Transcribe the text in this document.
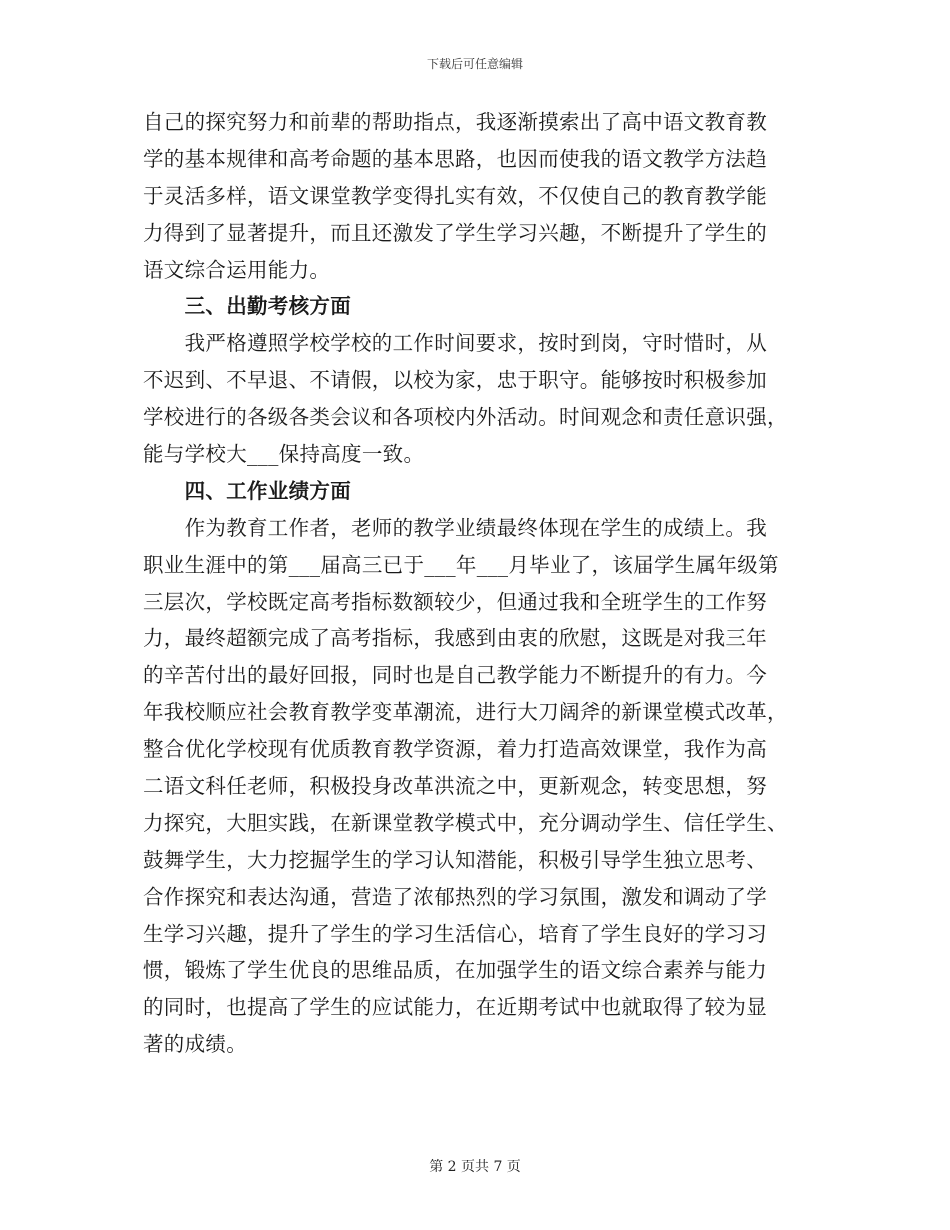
下载后可任意编辑
自己的探究努力和前辈的帮助指点，我逐渐摸索出了高中语文教育教
学的基本规律和高考命题的基本思路，也因而使我的语文教学方法趋
于灵活多样，语文课堂教学变得扎实有效，不仅使自己的教育教学能
力得到了显著提升，而且还激发了学生学习兴趣，不断提升了学生的
语文综合运用能力。
　　三、出勤考核方面
　　我严格遵照学校学校的工作时间要求，按时到岗，守时惜时，从
不迟到、不早退、不请假，以校为家，忠于职守。能够按时积极参加
学校进行的各级各类会议和各项校内外活动。时间观念和责任意识强，
能与学校大___保持高度一致。
　　四、工作业绩方面
　　作为教育工作者，老师的教学业绩最终体现在学生的成绩上。我
职业生涯中的第___届高三已于___年___月毕业了，该届学生属年级第
三层次，学校既定高考指标数额较少，但通过我和全班学生的工作努
力，最终超额完成了高考指标，我感到由衷的欣慰，这既是对我三年
的辛苦付出的最好回报，同时也是自己教学能力不断提升的有力。今
年我校顺应社会教育教学变革潮流，进行大刀阔斧的新课堂模式改革，
整合优化学校现有优质教育教学资源，着力打造高效课堂，我作为高
二语文科任老师，积极投身改革洪流之中，更新观念，转变思想，努
力探究，大胆实践，在新课堂教学模式中，充分调动学生、信任学生、
鼓舞学生，大力挖掘学生的学习认知潜能，积极引导学生独立思考、
合作探究和表达沟通，营造了浓郁热烈的学习氛围，激发和调动了学
生学习兴趣，提升了学生的学习生活信心，培育了学生良好的学习习
惯，锻炼了学生优良的思维品质，在加强学生的语文综合素养与能力
的同时，也提高了学生的应试能力，在近期考试中也就取得了较为显
著的成绩。
第 2 页共 7 页
